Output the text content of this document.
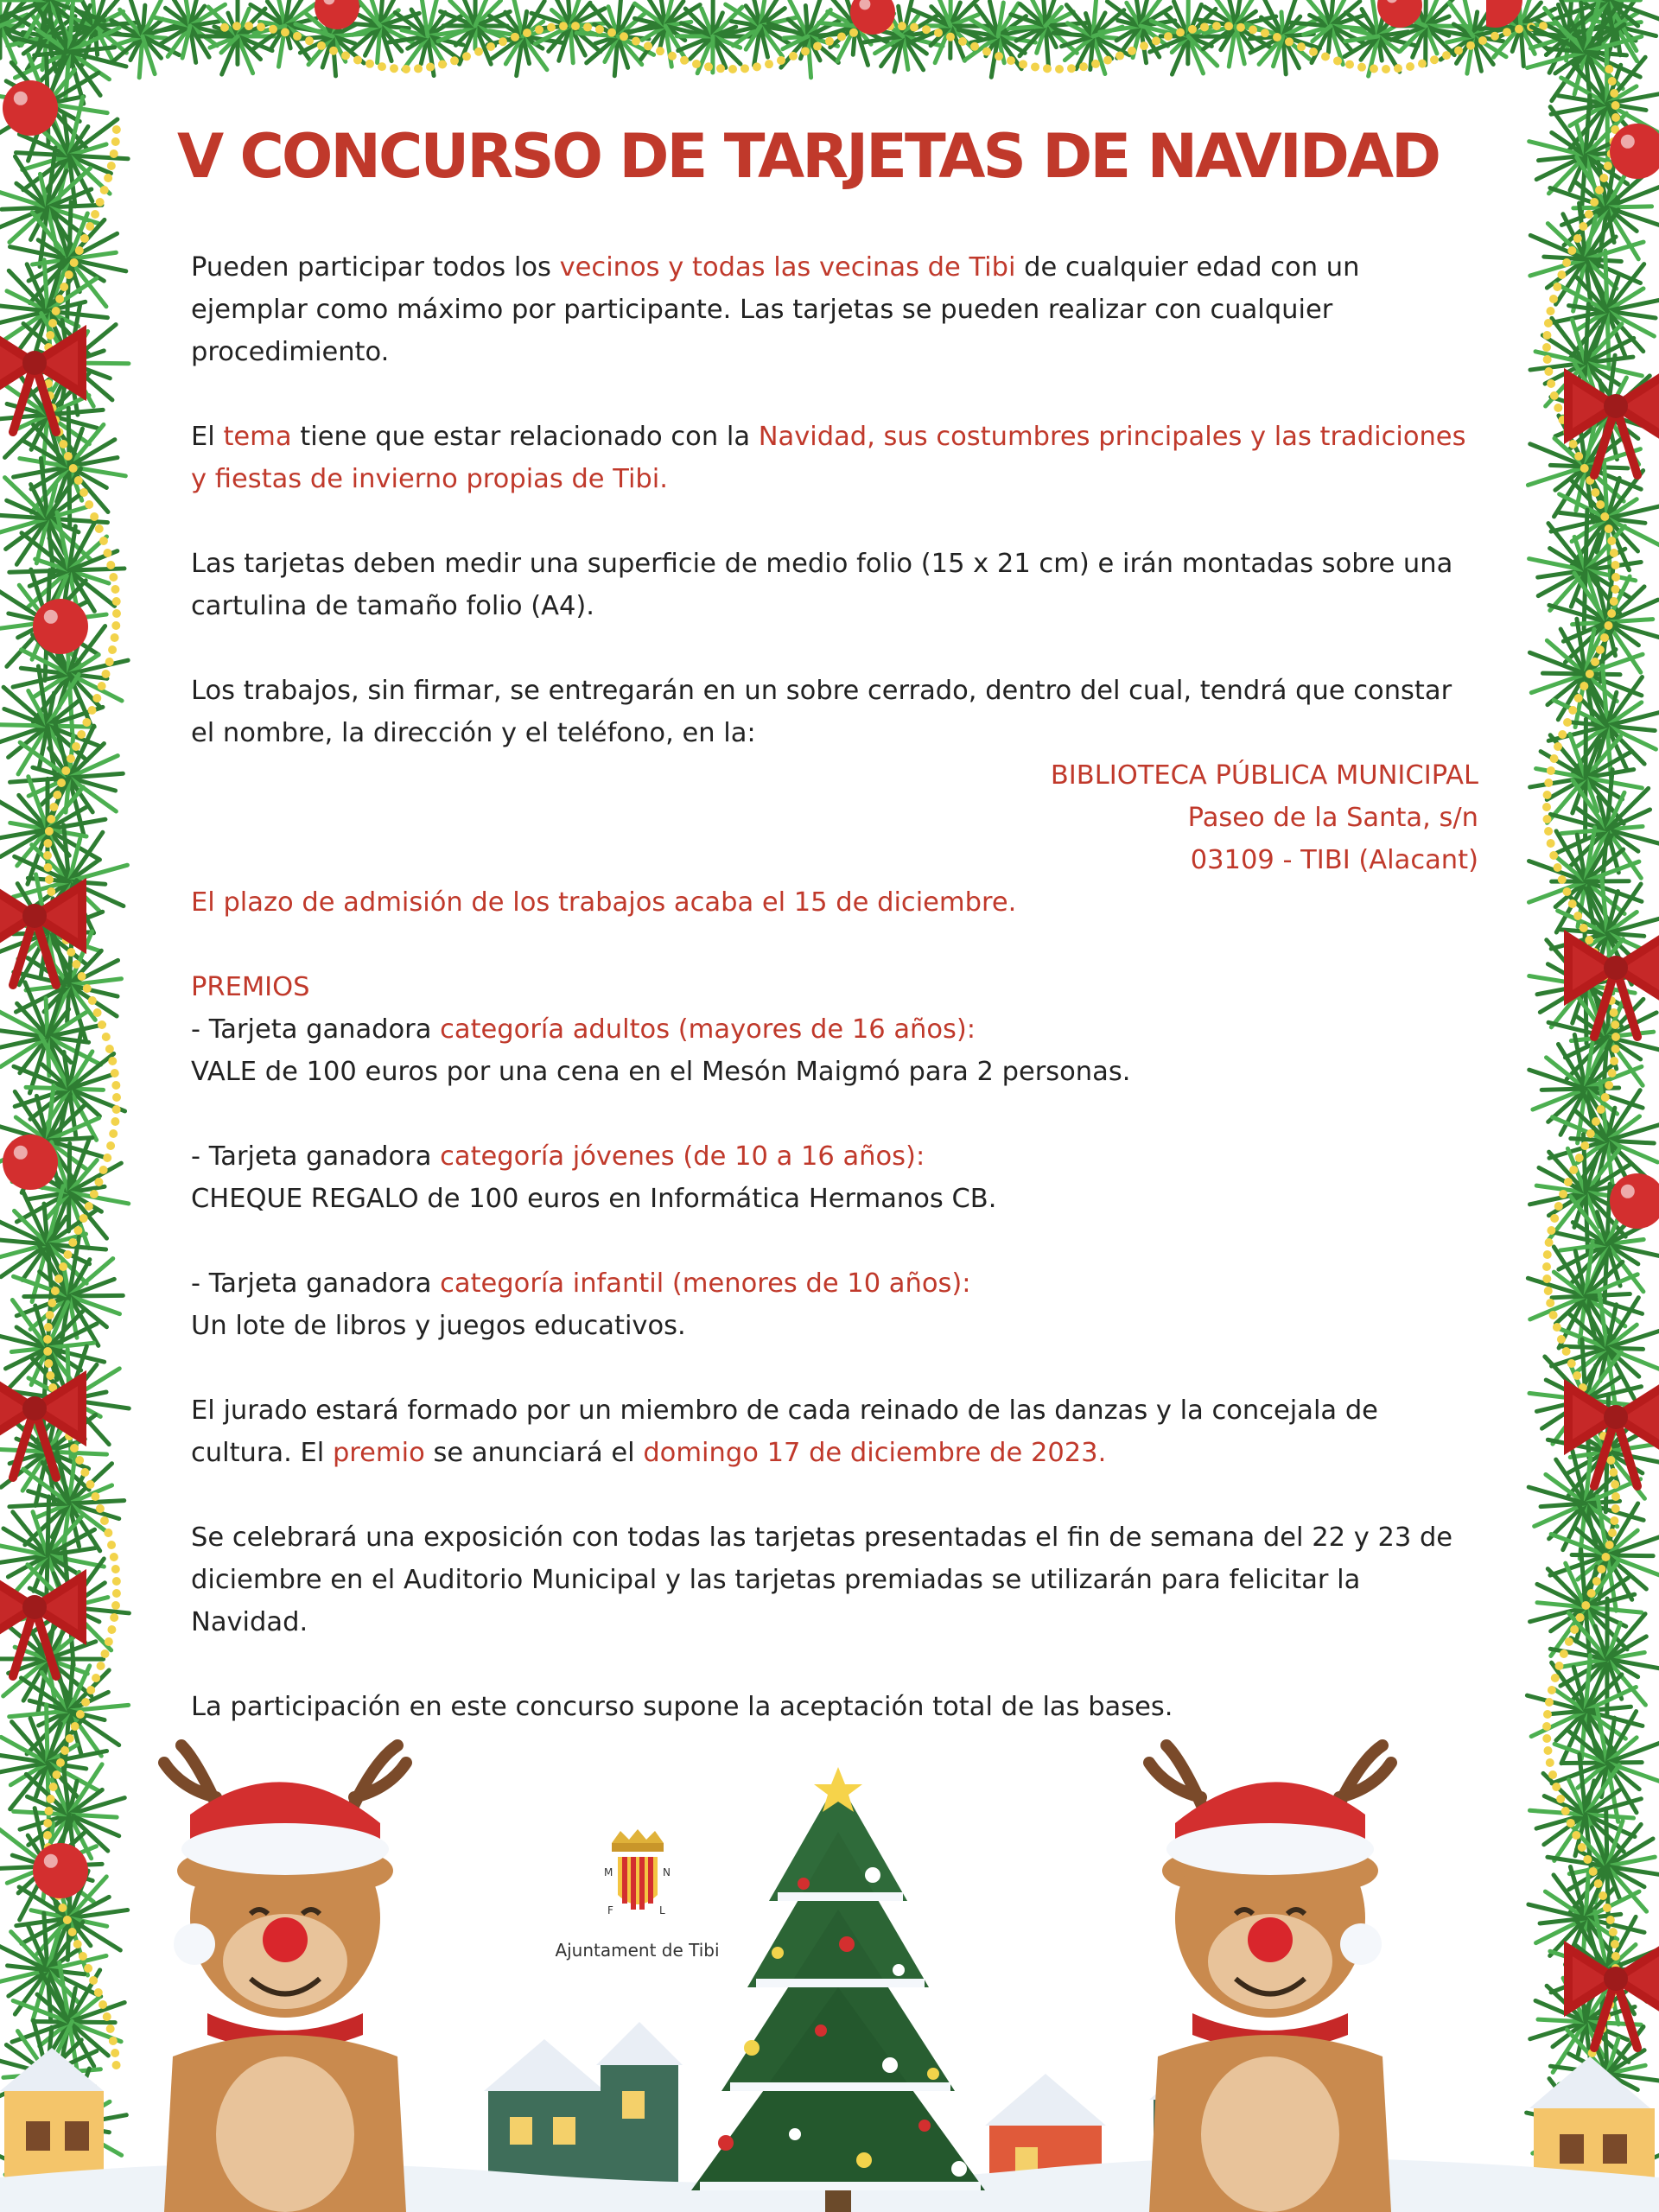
V CONCURSO DE TARJETAS DE NAVIDAD

Pueden participar todos los vecinos y todas las vecinas de Tibi de cualquier edad con un ejemplar como máximo por participante. Las tarjetas se pueden realizar con cualquier procedimiento.

El tema tiene que estar relacionado con la Navidad, sus costumbres principales y las tradiciones y fiestas de invierno propias de Tibi.

Las tarjetas deben medir una superficie de medio folio (15 x 21 cm) e irán montadas sobre una cartulina de tamaño folio (A4).

Los trabajos, sin firmar, se entregarán en un sobre cerrado, dentro del cual, tendrá que constar el nombre, la dirección y el teléfono, en la:

BIBLIOTECA PÚBLICA MUNICIPAL
Paseo de la Santa, s/n
03109 - TIBI (Alacant)

El plazo de admisión de los trabajos acaba el 15 de diciembre.

PREMIOS

- Tarjeta ganadora categoría adultos (mayores de 16 años):

VALE de 100 euros por una cena en el Mesón Maigmó para 2 personas.

- Tarjeta ganadora categoría jóvenes (de 10 a 16 años):

CHEQUE REGALO de 100 euros en Informática Hermanos CB.

- Tarjeta ganadora categoría infantil (menores de 10 años):

Un lote de libros y juegos educativos.

El jurado estará formado por un miembro de cada reinado de las danzas y la concejala de cultura. El premio se anunciará el domingo 17 de diciembre de 2023.

Se celebrará una exposición con todas las tarjetas presentadas el fin de semana del 22 y 23 de diciembre en el Auditorio Municipal y las tarjetas premiadas se utilizarán para felicitar la Navidad.

La participación en este concurso supone la aceptación total de las bases.

M	N
F	L
Ajuntament de Tibi
